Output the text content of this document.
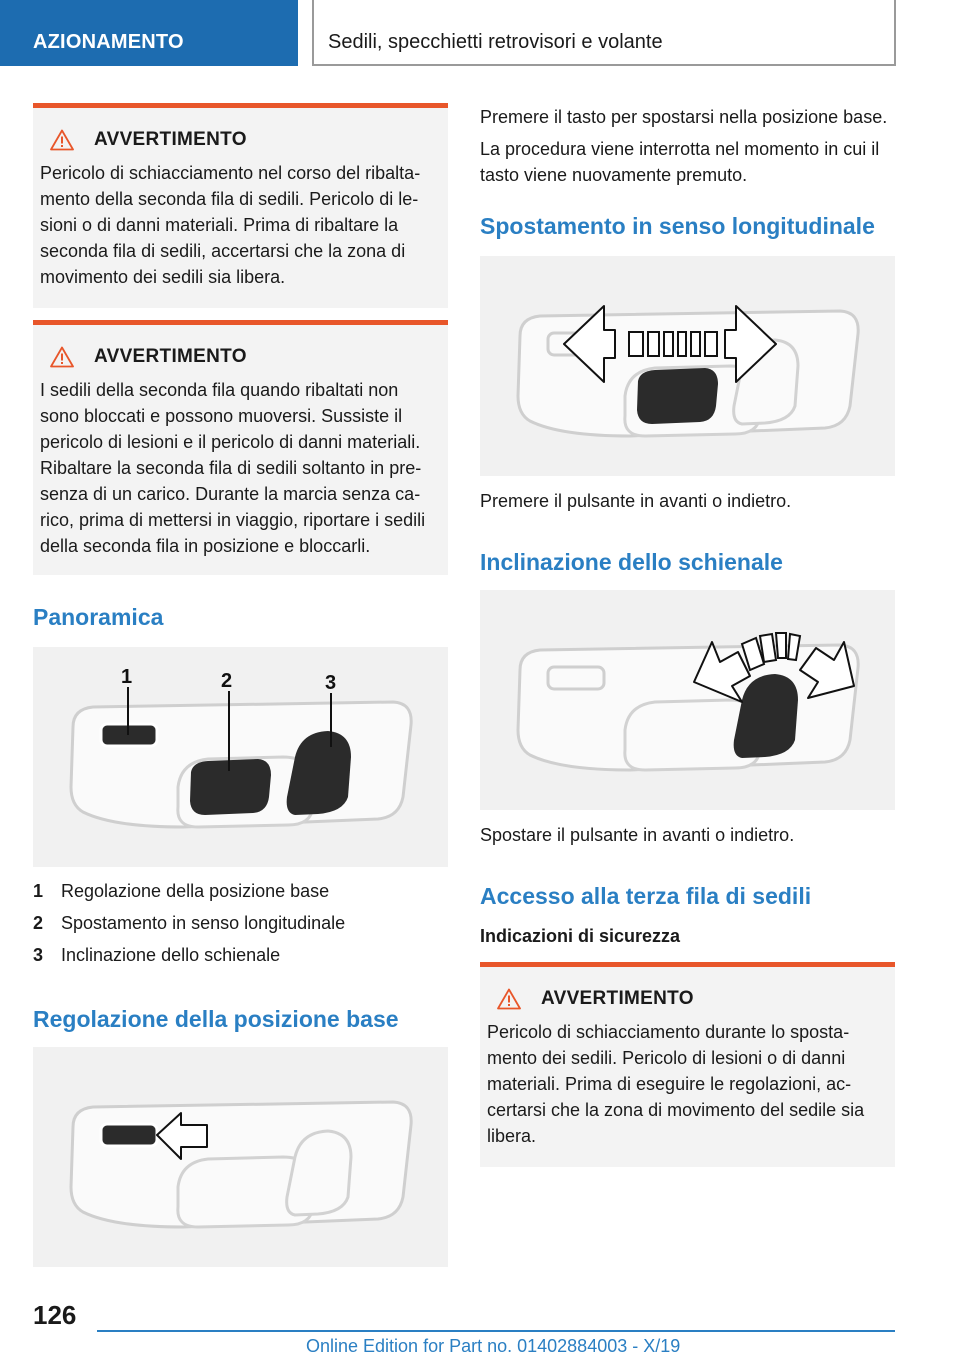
AZIONAMENTO	Sedili, specchietti retrovisori e volante
AVVERTIMENTO
Pericolo di schiacciamento nel corso del ribaltamento della seconda fila di sedili. Pericolo di lesioni o di danni materiali. Prima di ribaltare la seconda fila di sedili, accertarsi che la zona di movimento dei sedili sia libera.
AVVERTIMENTO
I sedili della seconda fila quando ribaltati non sono bloccati e possono muoversi. Sussiste il pericolo di lesioni e il pericolo di danni materiali. Ribaltare la seconda fila di sedili soltanto in presenza di un carico. Durante la marcia senza carico, prima di mettersi in viaggio, riportare i sedili della seconda fila in posizione e bloccarli.
Panoramica
1	2	3
1 Regolazione della posizione base
2 Spostamento in senso longitudinale
3 Inclinazione dello schienale
Regolazione della posizione base

Premere il tasto per spostarsi nella posizione base.

La procedura viene interrotta nel momento in cui il tasto viene nuovamente premuto.

Spostamento in senso longitudinale

Premere il pulsante in avanti o indietro.

Inclinazione dello schienale

Spostare il pulsante in avanti o indietro.

Accesso alla terza fila di sedili
Indicazioni di sicurezza
AVVERTIMENTO
Pericolo di schiacciamento durante lo spostamento dei sedili. Pericolo di lesioni o di danni materiali. Prima di eseguire le regolazioni, accertarsi che la zona di movimento del sedile sia libera.
126
Online Edition for Part no. 01402884003 - X/19
